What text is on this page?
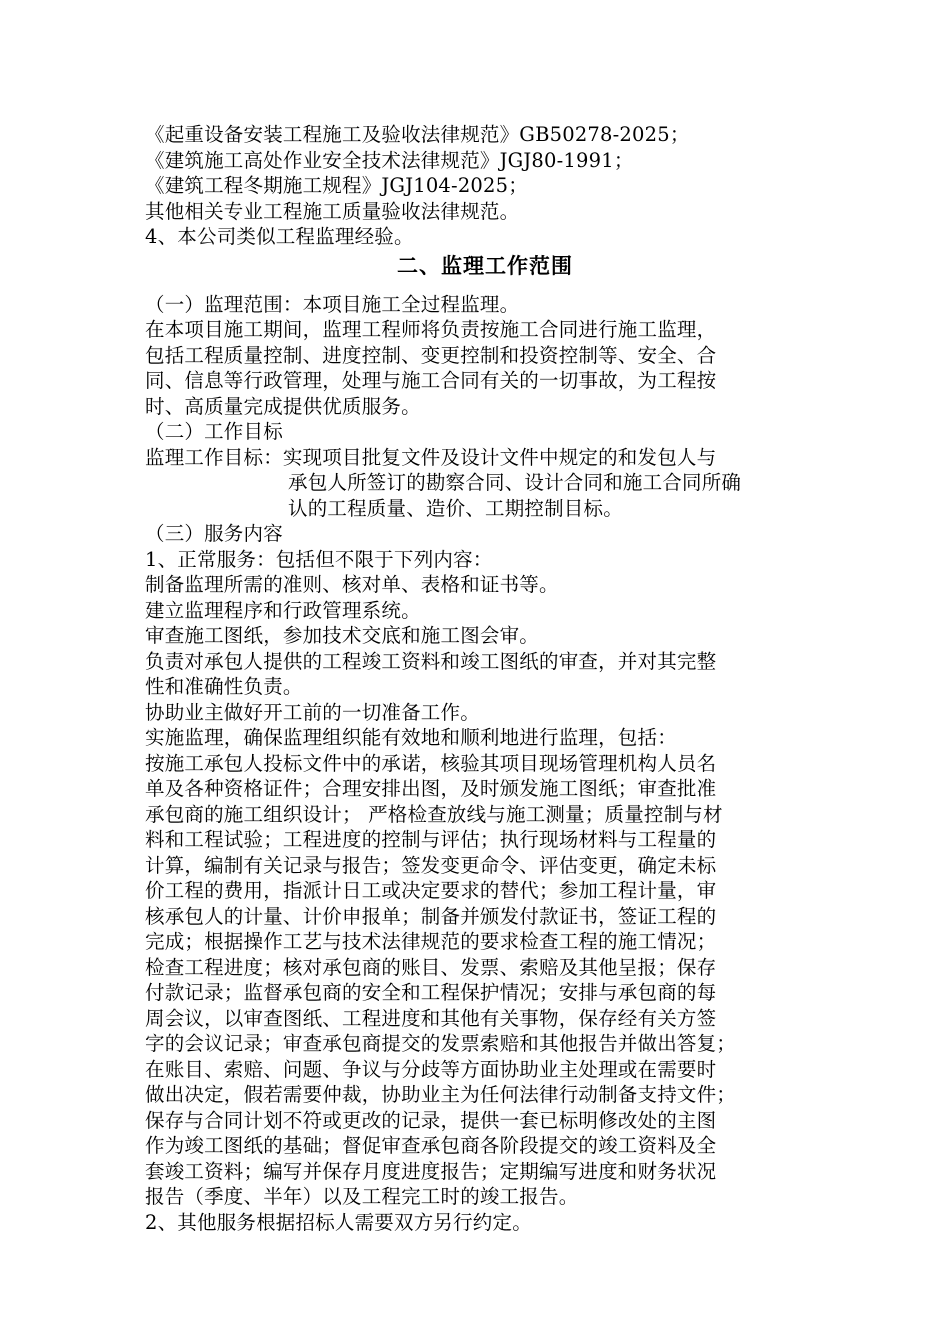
《起重设备安装工程施工及验收法律规范》GB50278-2025；
《建筑施工高处作业安全技术法律规范》JGJ80-1991；
《建筑工程冬期施工规程》JGJ104-2025；
其他相关专业工程施工质量验收法律规范。
4、本公司类似工程监理经验。
二、监理工作范围
（一）监理范围：本项目施工全过程监理。
在本项目施工期间，监理工程师将负责按施工合同进行施工监理，
包括工程质量控制、进度控制、变更控制和投资控制等、安全、合
同、信息等行政管理，处理与施工合同有关的一切事故，为工程按
时、高质量完成提供优质服务。
（二）工作目标
监理工作目标：实现项目批复文件及设计文件中规定的和发包人与
承包人所签订的勘察合同、设计合同和施工合同所确
认的工程质量、造价、工期控制目标。
（三）服务内容
1、正常服务：包括但不限于下列内容：
制备监理所需的准则、核对单、表格和证书等。
建立监理程序和行政管理系统。
审查施工图纸，参加技术交底和施工图会审。
负责对承包人提供的工程竣工资料和竣工图纸的审查，并对其完整
性和准确性负责。
协助业主做好开工前的一切准备工作。
实施监理，确保监理组织能有效地和顺利地进行监理，包括：
按施工承包人投标文件中的承诺，核验其项目现场管理机构人员名
单及各种资格证件；合理安排出图，及时颁发施工图纸；审查批准
承包商的施工组织设计； 严格检查放线与施工测量；质量控制与材
料和工程试验；工程进度的控制与评估；执行现场材料与工程量的
计算，编制有关记录与报告；签发变更命令、评估变更，确定未标
价工程的费用，指派计日工或决定要求的替代；参加工程计量，审
核承包人的计量、计价申报单；制备并颁发付款证书，签证工程的
完成；根据操作工艺与技术法律规范的要求检查工程的施工情况；
检查工程进度；核对承包商的账目、发票、索赔及其他呈报；保存
付款记录；监督承包商的安全和工程保护情况；安排与承包商的每
周会议，以审查图纸、工程进度和其他有关事物，保存经有关方签
字的会议记录；审查承包商提交的发票索赔和其他报告并做出答复；
在账目、索赔、问题、争议与分歧等方面协助业主处理或在需要时
做出决定，假若需要仲裁，协助业主为任何法律行动制备支持文件；
保存与合同计划不符或更改的记录，提供一套已标明修改处的主图
作为竣工图纸的基础；督促审查承包商各阶段提交的竣工资料及全
套竣工资料；编写并保存月度进度报告；定期编写进度和财务状况
报告（季度、半年）以及工程完工时的竣工报告。
2、其他服务根据招标人需要双方另行约定。
